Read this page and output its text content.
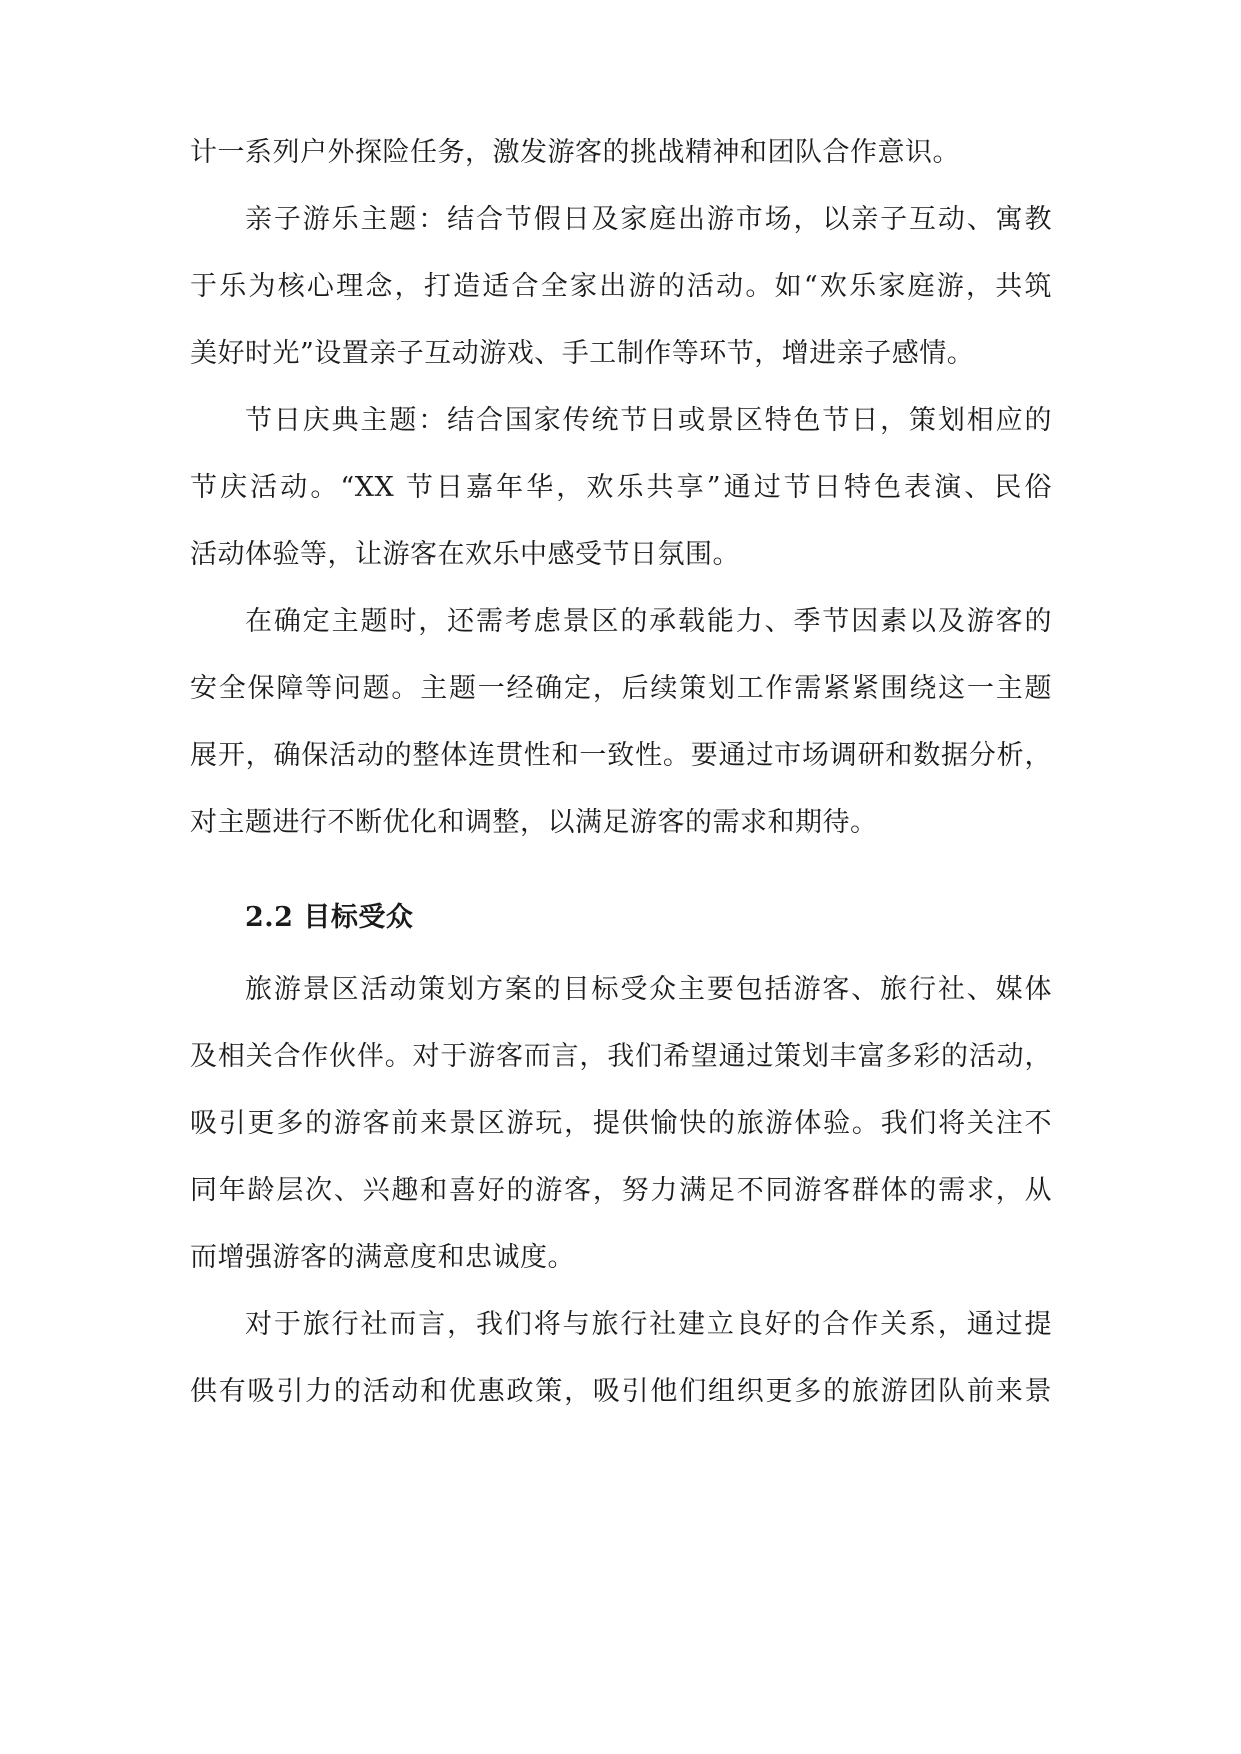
计一系列户外探险任务，激发游客的挑战精神和团队合作意识。
亲子游乐主题：结合节假日及家庭出游市场，以亲子互动、寓教
于乐为核心理念，打造适合全家出游的活动。如“欢乐家庭游，共筑
美好时光”设置亲子互动游戏、手工制作等环节，增进亲子感情。
节日庆典主题：结合国家传统节日或景区特色节日，策划相应的
节庆活动。“XX 节日嘉年华，欢乐共享”通过节日特色表演、民俗
活动体验等，让游客在欢乐中感受节日氛围。
在确定主题时，还需考虑景区的承载能力、季节因素以及游客的
安全保障等问题。主题一经确定，后续策划工作需紧紧围绕这一主题
展开，确保活动的整体连贯性和一致性。要通过市场调研和数据分析，
对主题进行不断优化和调整，以满足游客的需求和期待。
2.2 目标受众
旅游景区活动策划方案的目标受众主要包括游客、旅行社、媒体
及相关合作伙伴。对于游客而言，我们希望通过策划丰富多彩的活动，
吸引更多的游客前来景区游玩，提供愉快的旅游体验。我们将关注不
同年龄层次、兴趣和喜好的游客，努力满足不同游客群体的需求，从
而增强游客的满意度和忠诚度。
对于旅行社而言，我们将与旅行社建立良好的合作关系，通过提
供有吸引力的活动和优惠政策，吸引他们组织更多的旅游团队前来景
